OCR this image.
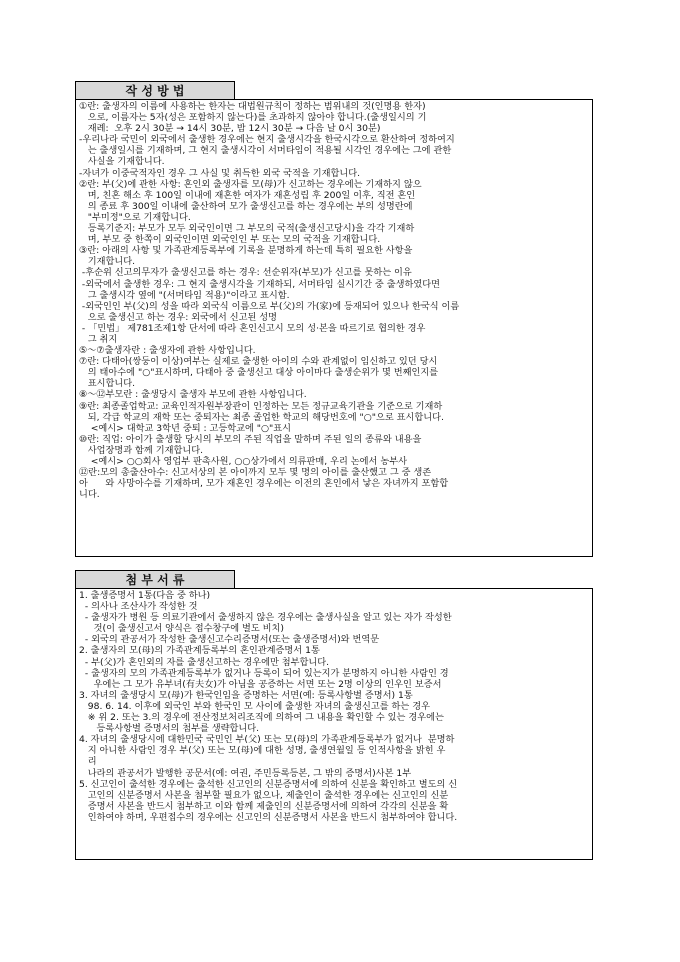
작 성 방 법

①란: 출생자의 이름에 사용하는 한자는 대법원규칙이 정하는 범위내의 것(인명용 한자)

으로, 이름자는 5자(성은 포함하지 않는다)를 초과하지 않아야 합니다.(출생일시의 기

재례:  오후 2시 30분 → 14시 30분, 밤 12시 30분 → 다음 날 0시 30분)

-우리나라 국민이 외국에서 출생한 경우에는 현지 출생시각을 한국시각으로 환산하여 정하여지

는 출생일시를 기재하며, 그 현지 출생시각이 서머타임이 적용될 시각인 경우에는 그에 관한

사실을 기재합니다.

-자녀가 이중국적자인 경우 그 사실 및 취득한 외국 국적을 기재합니다.

②란: 부(父)에 관한 사항: 혼인외 출생자를 모(母)가 신고하는 경우에는 기재하지 않으

며, 친혼 해소 후 100일 이내에 재혼한 여자가 재혼성립 후 200일 이후, 직전 혼인

의 종료 후 300일 이내에 출산하여 모가 출생신고를 하는 경우에는 부의 성명란에

"부미정"으로 기재합니다.

등록기준지: 부모가 모두 외국인이면 그 부모의 국적(출생신고당시)을 각각 기재하

며, 부모 중 한쪽이 외국인이면 외국인인 부 또는 모의 국적을 기재합니다.

③란: 아래의 사항 및 가족관계등록부에 기록을 분명하게 하는데 특히 필요한 사항을

기재합니다.

-후순위 신고의무자가 출생신고를 하는 경우: 선순위자(부모)가 신고를 못하는 이유

-외국에서 출생한 경우: 그 현지 출생시각을 기재하되, 서머타임 실시기간 중 출생하였다면

그 출생시각 옆에 "(서머타임 적용)"이라고 표시함.

-외국인인 부(父)의 성을 따라 외국식 이름으로 부(父)의 가(家)에 등재되어 있으나 한국식 이름

으로 출생신고 하는 경우: 외국에서 신고된 성명

- 「민법」 제781조제1항 단서에 따라 혼인신고시 모의 성·본을 따르기로 협의한 경우

그 취지

⑤～⑦출생자란 : 출생자에 관한 사항입니다.

⑦란: 다태아(쌍둥이 이상)여부는 실제로 출생한 아이의 수와 관계없이 임신하고 있던 당시

의 태아수에 "○"표시하며, 다태아 중 출생신고 대상 아이마다 출생순위가 몇 번째인지를

표시합니다.

⑧～⑫부모란 : 출생당시 출생자 부모에 관한 사항입니다.

⑨란: 최종졸업학교: 교육인적자원부장관이 인정하는 모든 정규교육기관을 기준으로 기재하

되, 각급 학교의 재학 또는 중퇴자는 최종 졸업한 학교의 해당번호에 "○"으로 표시합니다.

<예시> 대학교 3학년 중퇴 : 고등학교에 "○"표시

⑩란: 직업: 아이가 출생할 당시의 부모의 주된 직업을 말하며 주된 일의 종류와 내용을

사업장명과 함께 기재합니다.

<예시> ○○회사 영업부 판촉사원, ○○상가에서 의류판매, 우리 논에서 농부사

⑫란:모의 총출산아수: 신고서상의 본 아이까지 모두 몇 명의 아이를 출산했고 그 중 생존

아      와 사망아수를 기재하며, 모가 재혼인 경우에는 이전의 혼인에서 낳은 자녀까지 포함합

니다.

첨 부 서 류

1. 출생증명서 1통(다음 중 하나)

- 의사나 조산사가 작성한 것

- 출생자가 병원 등 의료기관에서 출생하지 않은 경우에는 출생사실을 알고 있는 자가 작성한

것(이 출생신고서 양식은 접수창구에 별도 비치)

- 외국의 관공서가 작성한 출생신고수리증명서(또는 출생증명서)와 번역문

2. 출생자의 모(母)의 가족관계등록부의 혼인관계증명서 1통

- 부(父)가 혼인외의 자를 출생신고하는 경우에만 첨부합니다.

- 출생자의 모의 가족관계등록부가 없거나 등록이 되어 있는지가 분명하지 아니한 사람인 경

우에는 그 모가 유부녀(有夫女)가 아님을 공증하는 서면 또는 2명 이상의 인우인 보증서

3. 자녀의 출생당시 모(母)가 한국인임을 증명하는 서면(예: 등록사항별 증명서) 1통

98. 6. 14. 이후에 외국인 부와 한국인 모 사이에 출생한 자녀의 출생신고를 하는 경우

※ 위 2. 또는 3.의 경우에 전산정보처리조직에 의하여 그 내용을 확인할 수 있는 경우에는

등록사항별 증명서의 첨부를 생략합니다.

4. 자녀의 출생당시에 대한민국 국민인 부(父) 또는 모(母)의 가족관계등록부가 없거나  분명하

지 아니한 사람인 경우 부(父) 또는 모(母)에 대한 성명, 출생연월일 등 인적사항을 밝힌 우

리

나라의 관공서가 발행한 공문서(예: 여권, 주민등록등본, 그 밖의 증명서)사본 1부

5. 신고인이 출석한 경우에는 출석한 신고인의 신분증명서에 의하여 신분을 확인하고 별도의 신

고인의 신분증명서 사본을 첨부할 필요가 없으나, 제출인이 출석한 경우에는 신고인의 신분

증명서 사본을 반드시 첨부하고 이와 함께 제출인의 신분증명서에 의하여 각각의 신분을 확

인하여야 하며, 우편접수의 경우에는 신고인의 신분증명서 사본을 반드시 첨부하여야 합니다.
